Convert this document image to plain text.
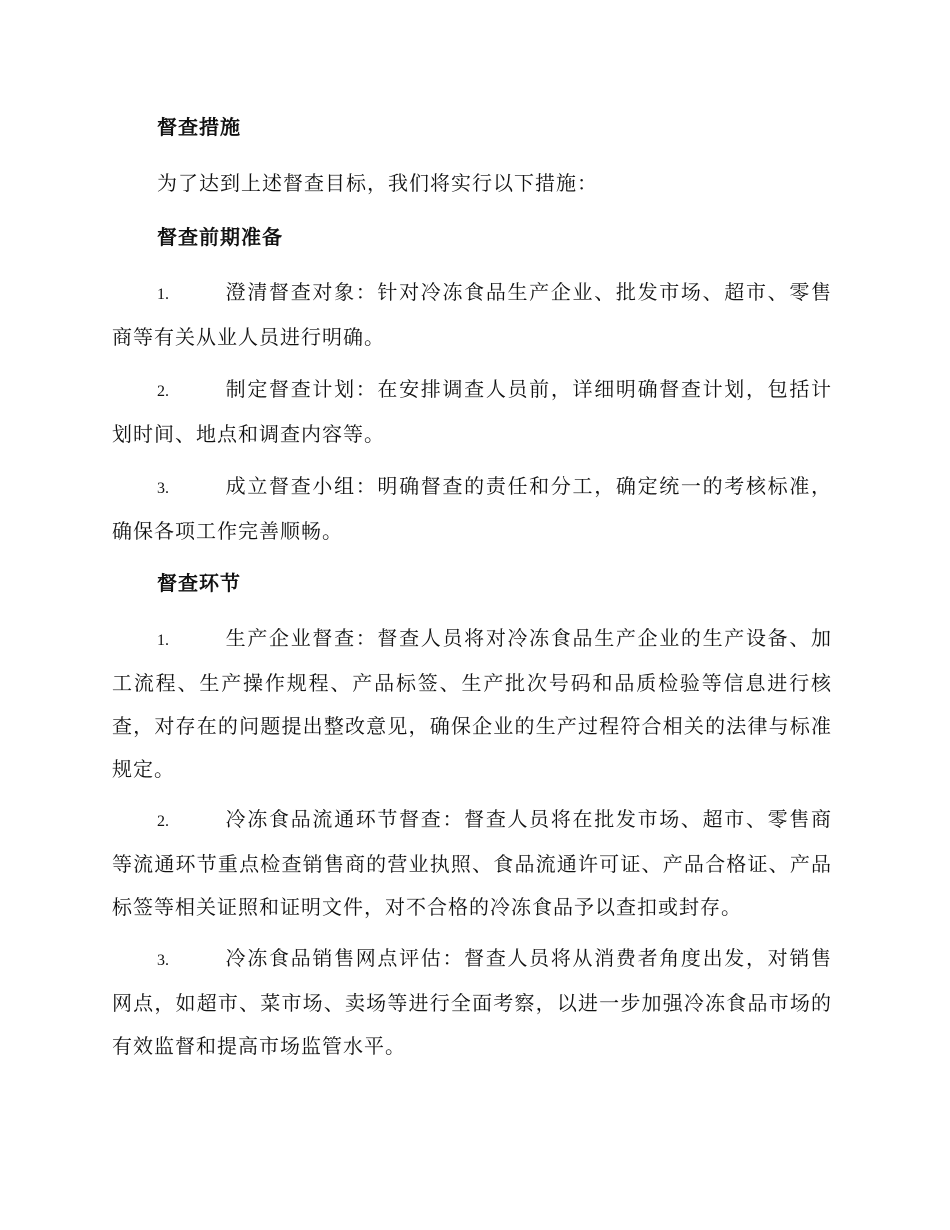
督查措施
为了达到上述督查目标，我们将实行以下措施：
督查前期准备
1.	澄清督查对象：针对冷冻食品生产企业、批发市场、超市、零售商等有关从业人员进行明确。
2.	制定督查计划：在安排调查人员前，详细明确督查计划，包括计划时间、地点和调查内容等。
3.	成立督查小组：明确督查的责任和分工，确定统一的考核标准，确保各项工作完善顺畅。
督查环节
1.	生产企业督查：督查人员将对冷冻食品生产企业的生产设备、加工流程、生产操作规程、产品标签、生产批次号码和品质检验等信息进行核查，对存在的问题提出整改意见，确保企业的生产过程符合相关的法律与标准规定。
2.	冷冻食品流通环节督查：督查人员将在批发市场、超市、零售商等流通环节重点检查销售商的营业执照、食品流通许可证、产品合格证、产品标签等相关证照和证明文件，对不合格的冷冻食品予以查扣或封存。
3.	冷冻食品销售网点评估：督查人员将从消费者角度出发，对销售网点，如超市、菜市场、卖场等进行全面考察，以进一步加强冷冻食品市场的有效监督和提高市场监管水平。
